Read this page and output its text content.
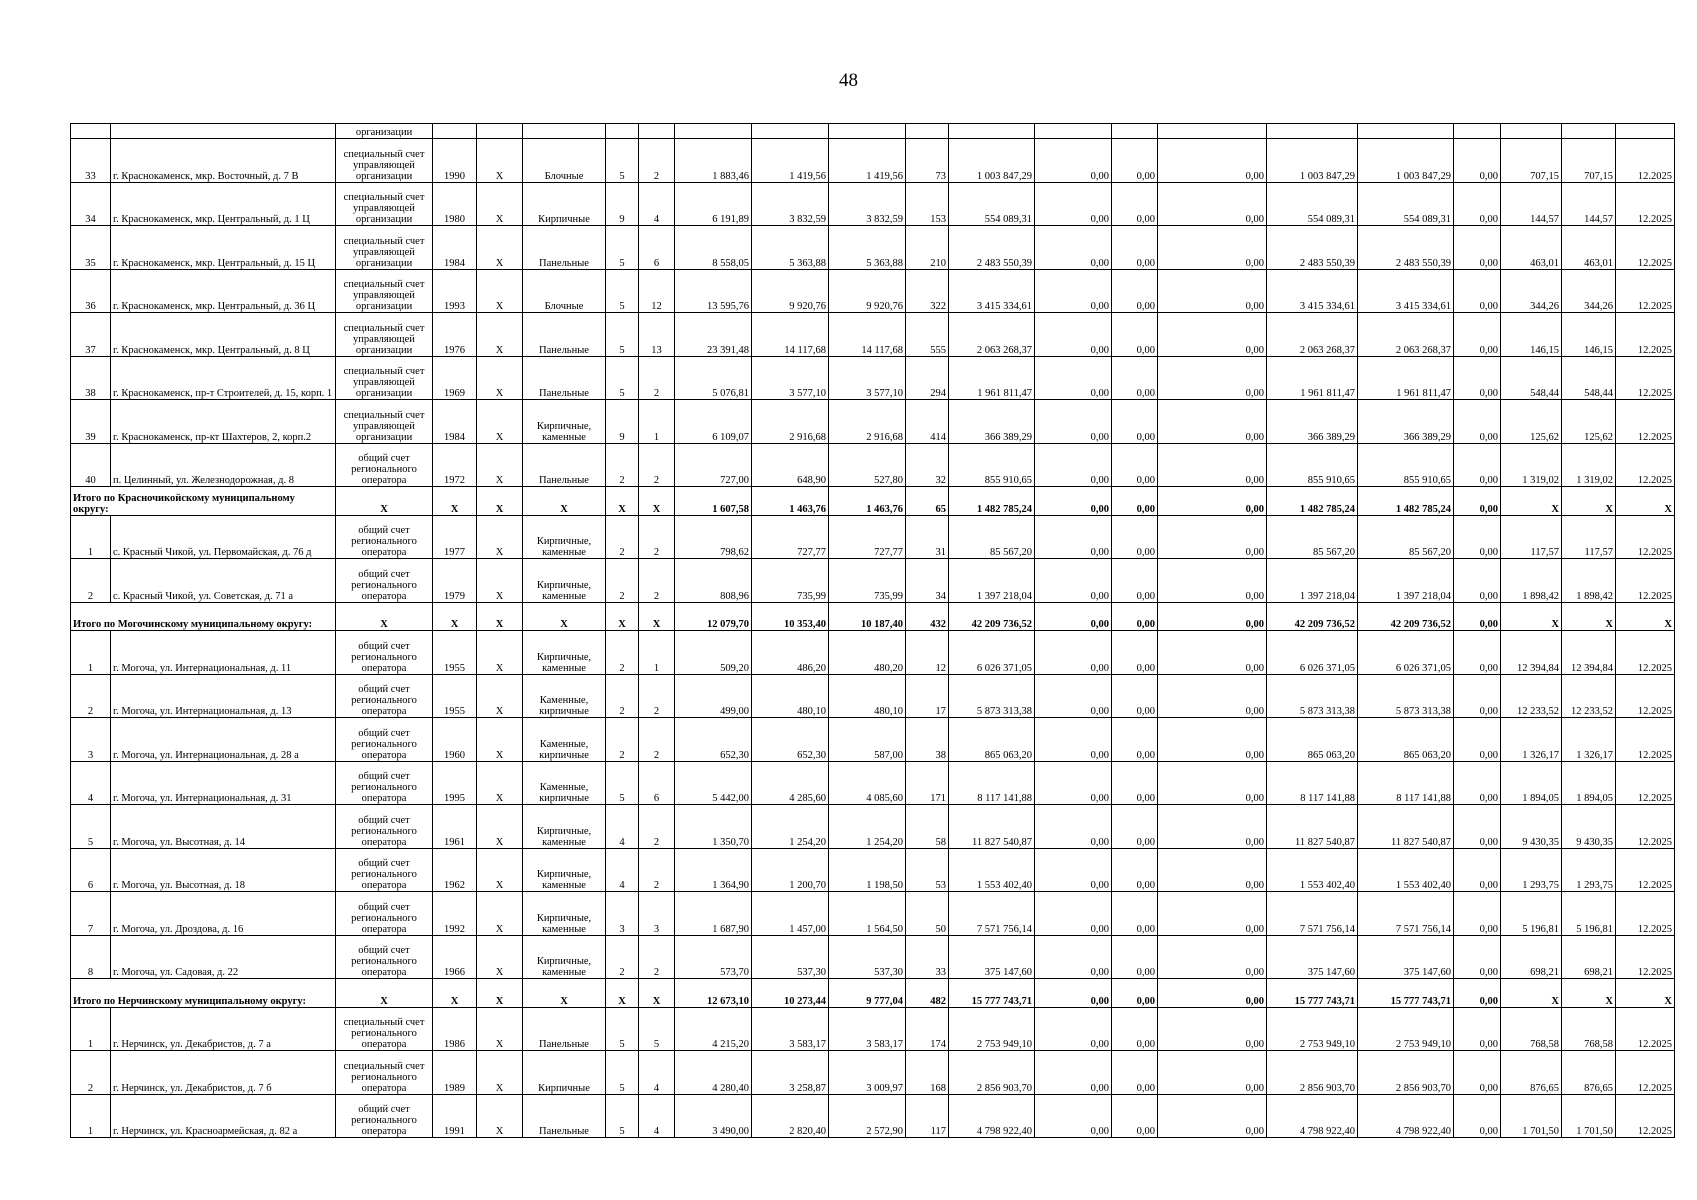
48
		организации																			
33	г. Краснокаменск, мкр. Восточный, д. 7 В	специальный счет управляющей организации	1990	Х	Блочные	5	2	1 883,46	1 419,56	1 419,56	73	1 003 847,29	0,00	0,00	0,00	1 003 847,29	1 003 847,29	0,00	707,15	707,15	12.2025
34	г. Краснокаменск, мкр. Центральный, д. 1 Ц	специальный счет управляющей организации	1980	Х	Кирпичные	9	4	6 191,89	3 832,59	3 832,59	153	554 089,31	0,00	0,00	0,00	554 089,31	554 089,31	0,00	144,57	144,57	12.2025
35	г. Краснокаменск, мкр. Центральный, д. 15 Ц	специальный счет управляющей организации	1984	Х	Панельные	5	6	8 558,05	5 363,88	5 363,88	210	2 483 550,39	0,00	0,00	0,00	2 483 550,39	2 483 550,39	0,00	463,01	463,01	12.2025
36	г. Краснокаменск, мкр. Центральный, д. 36 Ц	специальный счет управляющей организации	1993	Х	Блочные	5	12	13 595,76	9 920,76	9 920,76	322	3 415 334,61	0,00	0,00	0,00	3 415 334,61	3 415 334,61	0,00	344,26	344,26	12.2025
37	г. Краснокаменск, мкр. Центральный, д. 8 Ц	специальный счет управляющей организации	1976	Х	Панельные	5	13	23 391,48	14 117,68	14 117,68	555	2 063 268,37	0,00	0,00	0,00	2 063 268,37	2 063 268,37	0,00	146,15	146,15	12.2025
38	г. Краснокаменск, пр-т Строителей, д. 15, корп. 1	специальный счет управляющей организации	1969	Х	Панельные	5	2	5 076,81	3 577,10	3 577,10	294	1 961 811,47	0,00	0,00	0,00	1 961 811,47	1 961 811,47	0,00	548,44	548,44	12.2025
39	г. Краснокаменск, пр-кт Шахтеров, 2, корп.2	специальный счет управляющей организации	1984	Х	Кирпичные, каменные	9	1	6 109,07	2 916,68	2 916,68	414	366 389,29	0,00	0,00	0,00	366 389,29	366 389,29	0,00	125,62	125,62	12.2025
40	п. Целинный, ул. Железнодорожная, д. 8	общий счет регионального оператора	1972	Х	Панельные	2	2	727,00	648,90	527,80	32	855 910,65	0,00	0,00	0,00	855 910,65	855 910,65	0,00	1 319,02	1 319,02	12.2025
Итого по Красночикойскому муниципальному округу:		Х	Х	Х	Х	Х	Х	1 607,58	1 463,76	1 463,76	65	1 482 785,24	0,00	0,00	0,00	1 482 785,24	1 482 785,24	0,00	Х	Х	Х
1	с. Красный Чикой, ул. Первомайская, д. 76 д	общий счет регионального оператора	1977	Х	Кирпичные, каменные	2	2	798,62	727,77	727,77	31	85 567,20	0,00	0,00	0,00	85 567,20	85 567,20	0,00	117,57	117,57	12.2025
2	с. Красный Чикой, ул. Советская, д. 71 а	общий счет регионального оператора	1979	Х	Кирпичные, каменные	2	2	808,96	735,99	735,99	34	1 397 218,04	0,00	0,00	0,00	1 397 218,04	1 397 218,04	0,00	1 898,42	1 898,42	12.2025
Итого по Могочинскому муниципальному округу:		Х	Х	Х	Х	Х	Х	12 079,70	10 353,40	10 187,40	432	42 209 736,52	0,00	0,00	0,00	42 209 736,52	42 209 736,52	0,00	Х	Х	Х
1	г. Могоча, ул. Интернациональная, д. 11	общий счет регионального оператора	1955	Х	Кирпичные, каменные	2	1	509,20	486,20	480,20	12	6 026 371,05	0,00	0,00	0,00	6 026 371,05	6 026 371,05	0,00	12 394,84	12 394,84	12.2025
2	г. Могоча, ул. Интернациональная, д. 13	общий счет регионального оператора	1955	Х	Каменные, кирпичные	2	2	499,00	480,10	480,10	17	5 873 313,38	0,00	0,00	0,00	5 873 313,38	5 873 313,38	0,00	12 233,52	12 233,52	12.2025
3	г. Могоча, ул. Интернациональная, д. 28 а	общий счет регионального оператора	1960	Х	Каменные, кирпичные	2	2	652,30	652,30	587,00	38	865 063,20	0,00	0,00	0,00	865 063,20	865 063,20	0,00	1 326,17	1 326,17	12.2025
4	г. Могоча, ул. Интернациональная, д. 31	общий счет регионального оператора	1995	Х	Каменные, кирпичные	5	6	5 442,00	4 285,60	4 085,60	171	8 117 141,88	0,00	0,00	0,00	8 117 141,88	8 117 141,88	0,00	1 894,05	1 894,05	12.2025
5	г. Могоча, ул. Высотная, д. 14	общий счет регионального оператора	1961	Х	Кирпичные, каменные	4	2	1 350,70	1 254,20	1 254,20	58	11 827 540,87	0,00	0,00	0,00	11 827 540,87	11 827 540,87	0,00	9 430,35	9 430,35	12.2025
6	г. Могоча, ул. Высотная, д. 18	общий счет регионального оператора	1962	Х	Кирпичные, каменные	4	2	1 364,90	1 200,70	1 198,50	53	1 553 402,40	0,00	0,00	0,00	1 553 402,40	1 553 402,40	0,00	1 293,75	1 293,75	12.2025
7	г. Могоча, ул. Дроздова, д. 16	общий счет регионального оператора	1992	Х	Кирпичные, каменные	3	3	1 687,90	1 457,00	1 564,50	50	7 571 756,14	0,00	0,00	0,00	7 571 756,14	7 571 756,14	0,00	5 196,81	5 196,81	12.2025
8	г. Могоча, ул. Садовая, д. 22	общий счет регионального оператора	1966	Х	Кирпичные, каменные	2	2	573,70	537,30	537,30	33	375 147,60	0,00	0,00	0,00	375 147,60	375 147,60	0,00	698,21	698,21	12.2025
Итого по Нерчинскому муниципальному округу:		Х	Х	Х	Х	Х	Х	12 673,10	10 273,44	9 777,04	482	15 777 743,71	0,00	0,00	0,00	15 777 743,71	15 777 743,71	0,00	Х	Х	Х
1	г. Нерчинск, ул. Декабристов, д. 7 а	специальный счет регионального оператора	1986	Х	Панельные	5	5	4 215,20	3 583,17	3 583,17	174	2 753 949,10	0,00	0,00	0,00	2 753 949,10	2 753 949,10	0,00	768,58	768,58	12.2025
2	г. Нерчинск, ул. Декабристов, д. 7 б	специальный счет регионального оператора	1989	Х	Кирпичные	5	4	4 280,40	3 258,87	3 009,97	168	2 856 903,70	0,00	0,00	0,00	2 856 903,70	2 856 903,70	0,00	876,65	876,65	12.2025
1	г. Нерчинск, ул. Красноармейская, д. 82 а	общий счет регионального оператора	1991	Х	Панельные	5	4	3 490,00	2 820,40	2 572,90	117	4 798 922,40	0,00	0,00	0,00	4 798 922,40	4 798 922,40	0,00	1 701,50	1 701,50	12.2025
